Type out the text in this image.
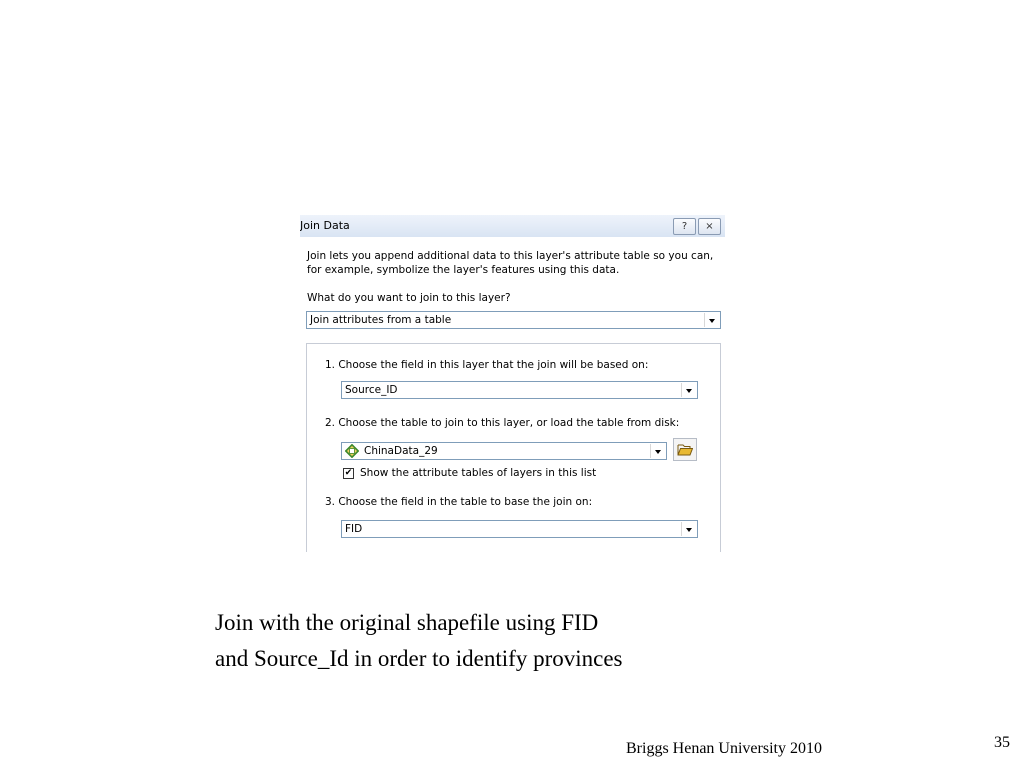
Join Data	?	×
Join lets you append additional data to this layer's attribute table so you can,
for example, symbolize the layer's features using this data.
What do you want to join to this layer?
Join attributes from a table
1. Choose the field in this layer that the join will be based on:
Source_ID
2. Choose the table to join to this layer, or load the table from disk:
ChinaData_29
✔ Show the attribute tables of layers in this list
3. Choose the field in the table to base the join on:
FID
Join with the original shapefile using FID
and Source_Id in order to identify provinces
Briggs Henan University 2010	35
